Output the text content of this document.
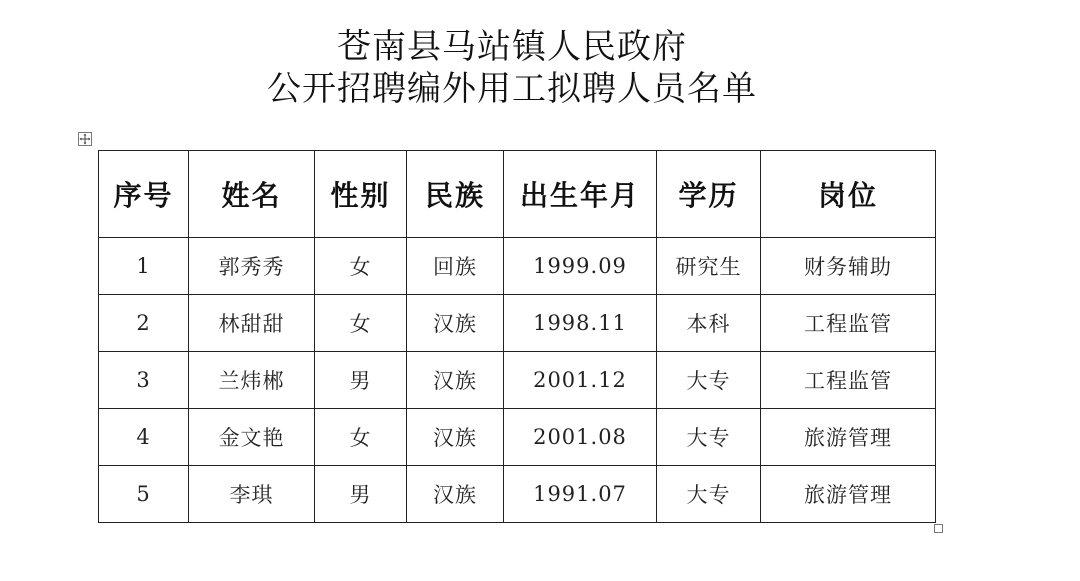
苍南县马站镇人民政府
公开招聘编外用工拟聘人员名单
序号	姓名	性别	民族	出生年月	学历	岗位
1	郭秀秀	女	回族	1999.09	研究生	财务辅助
2	林甜甜	女	汉族	1998.11	本科	工程监管
3	兰炜郴	男	汉族	2001.12	大专	工程监管
4	金文艳	女	汉族	2001.08	大专	旅游管理
5	李琪	男	汉族	1991.07	大专	旅游管理
